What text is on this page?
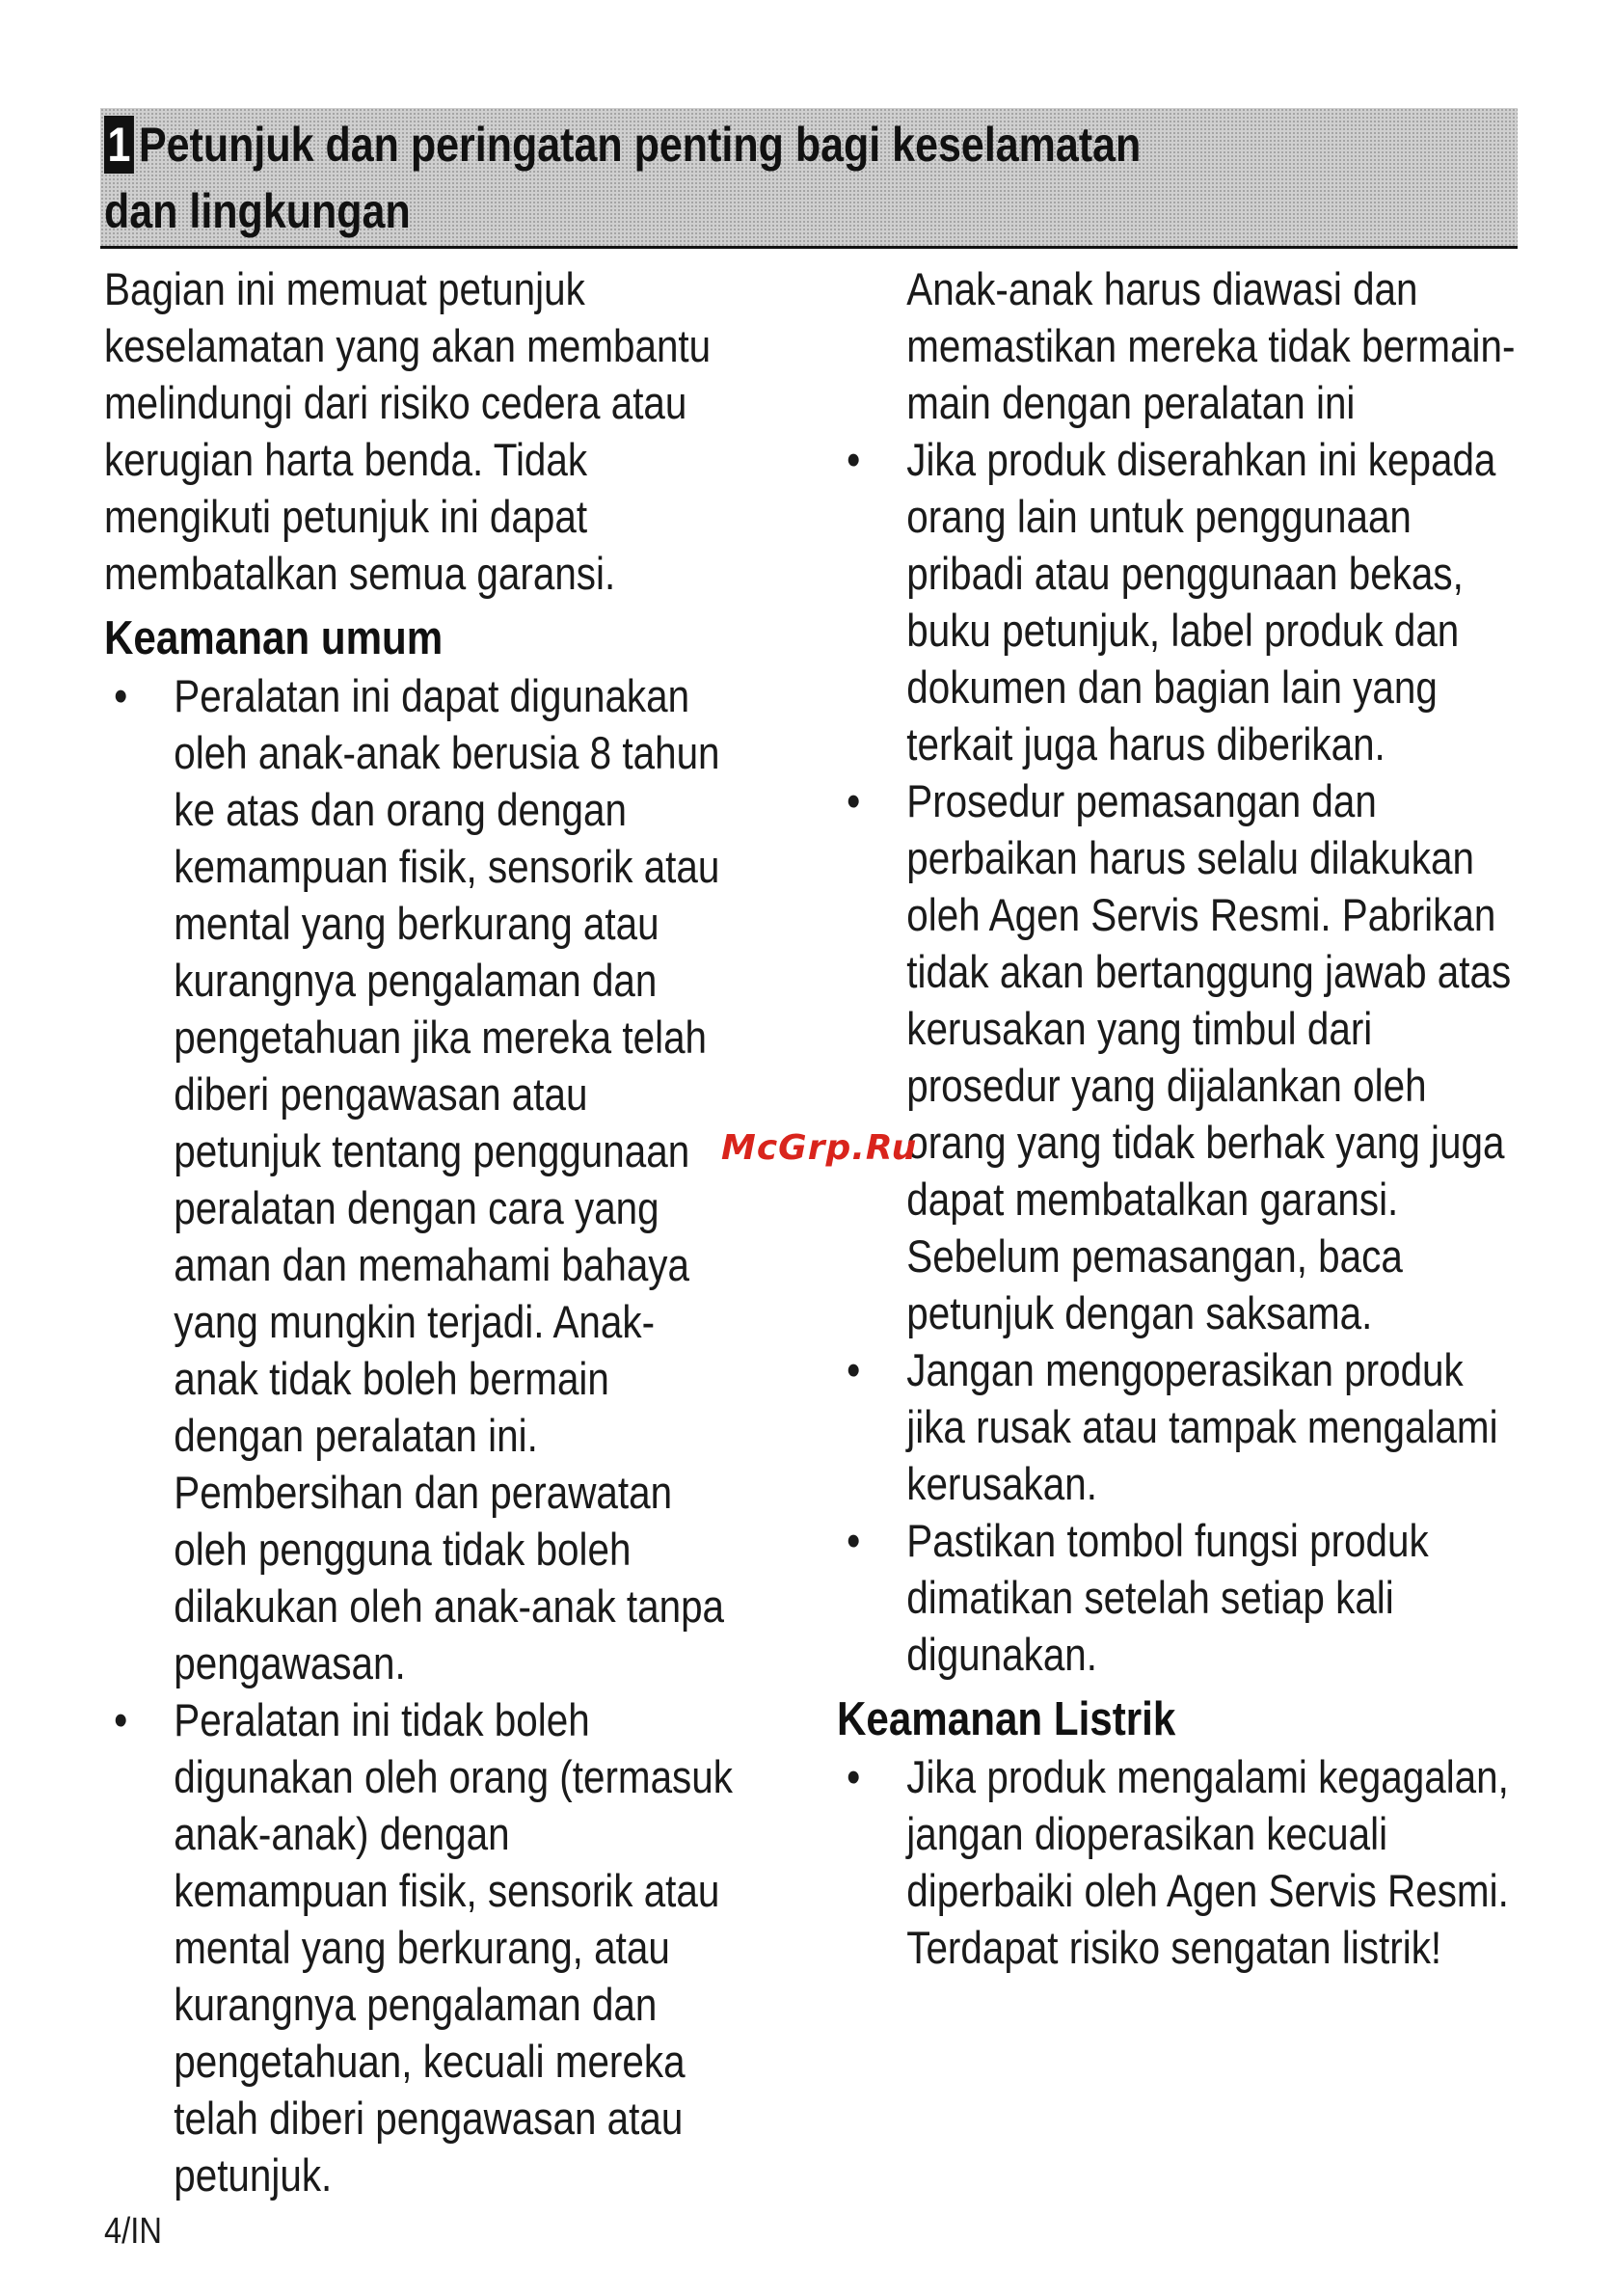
1 Petunjuk dan peringatan penting bagi keselamatan dan lingkungan

Bagian ini memuat petunjuk keselamatan yang akan membantu melindungi dari risiko cedera atau kerugian harta benda. Tidak mengikuti petunjuk ini dapat membatalkan semua garansi.

Keamanan umum
• Peralatan ini dapat digunakan oleh anak-anak berusia 8 tahun ke atas dan orang dengan kemampuan fisik, sensorik atau mental yang berkurang atau kurangnya pengalaman dan pengetahuan jika mereka telah diberi pengawasan atau petunjuk tentang penggunaan peralatan dengan cara yang aman dan memahami bahaya yang mungkin terjadi. Anak-anak tidak boleh bermain dengan peralatan ini. Pembersihan dan perawatan oleh pengguna tidak boleh dilakukan oleh anak-anak tanpa pengawasan.
• Peralatan ini tidak boleh digunakan oleh orang (termasuk anak-anak) dengan kemampuan fisik, sensorik atau mental yang berkurang, atau kurangnya pengalaman dan pengetahuan, kecuali mereka telah diberi pengawasan atau petunjuk.

Anak-anak harus diawasi dan memastikan mereka tidak bermain-main dengan peralatan ini

• Jika produk diserahkan ini kepada orang lain untuk penggunaan pribadi atau penggunaan bekas, buku petunjuk, label produk dan dokumen dan bagian lain yang terkait juga harus diberikan.
• Prosedur pemasangan dan perbaikan harus selalu dilakukan oleh Agen Servis Resmi. Pabrikan tidak akan bertanggung jawab atas kerusakan yang timbul dari prosedur yang dijalankan oleh orang yang tidak berhak yang juga dapat membatalkan garansi. Sebelum pemasangan, baca petunjuk dengan saksama.
• Jangan mengoperasikan produk jika rusak atau tampak mengalami kerusakan.
• Pastikan tombol fungsi produk dimatikan setelah setiap kali digunakan.
Keamanan Listrik
• Jika produk mengalami kegagalan, jangan dioperasikan kecuali diperbaiki oleh Agen Servis Resmi. Terdapat risiko sengatan listrik!
McGrp.Ru
4/IN
